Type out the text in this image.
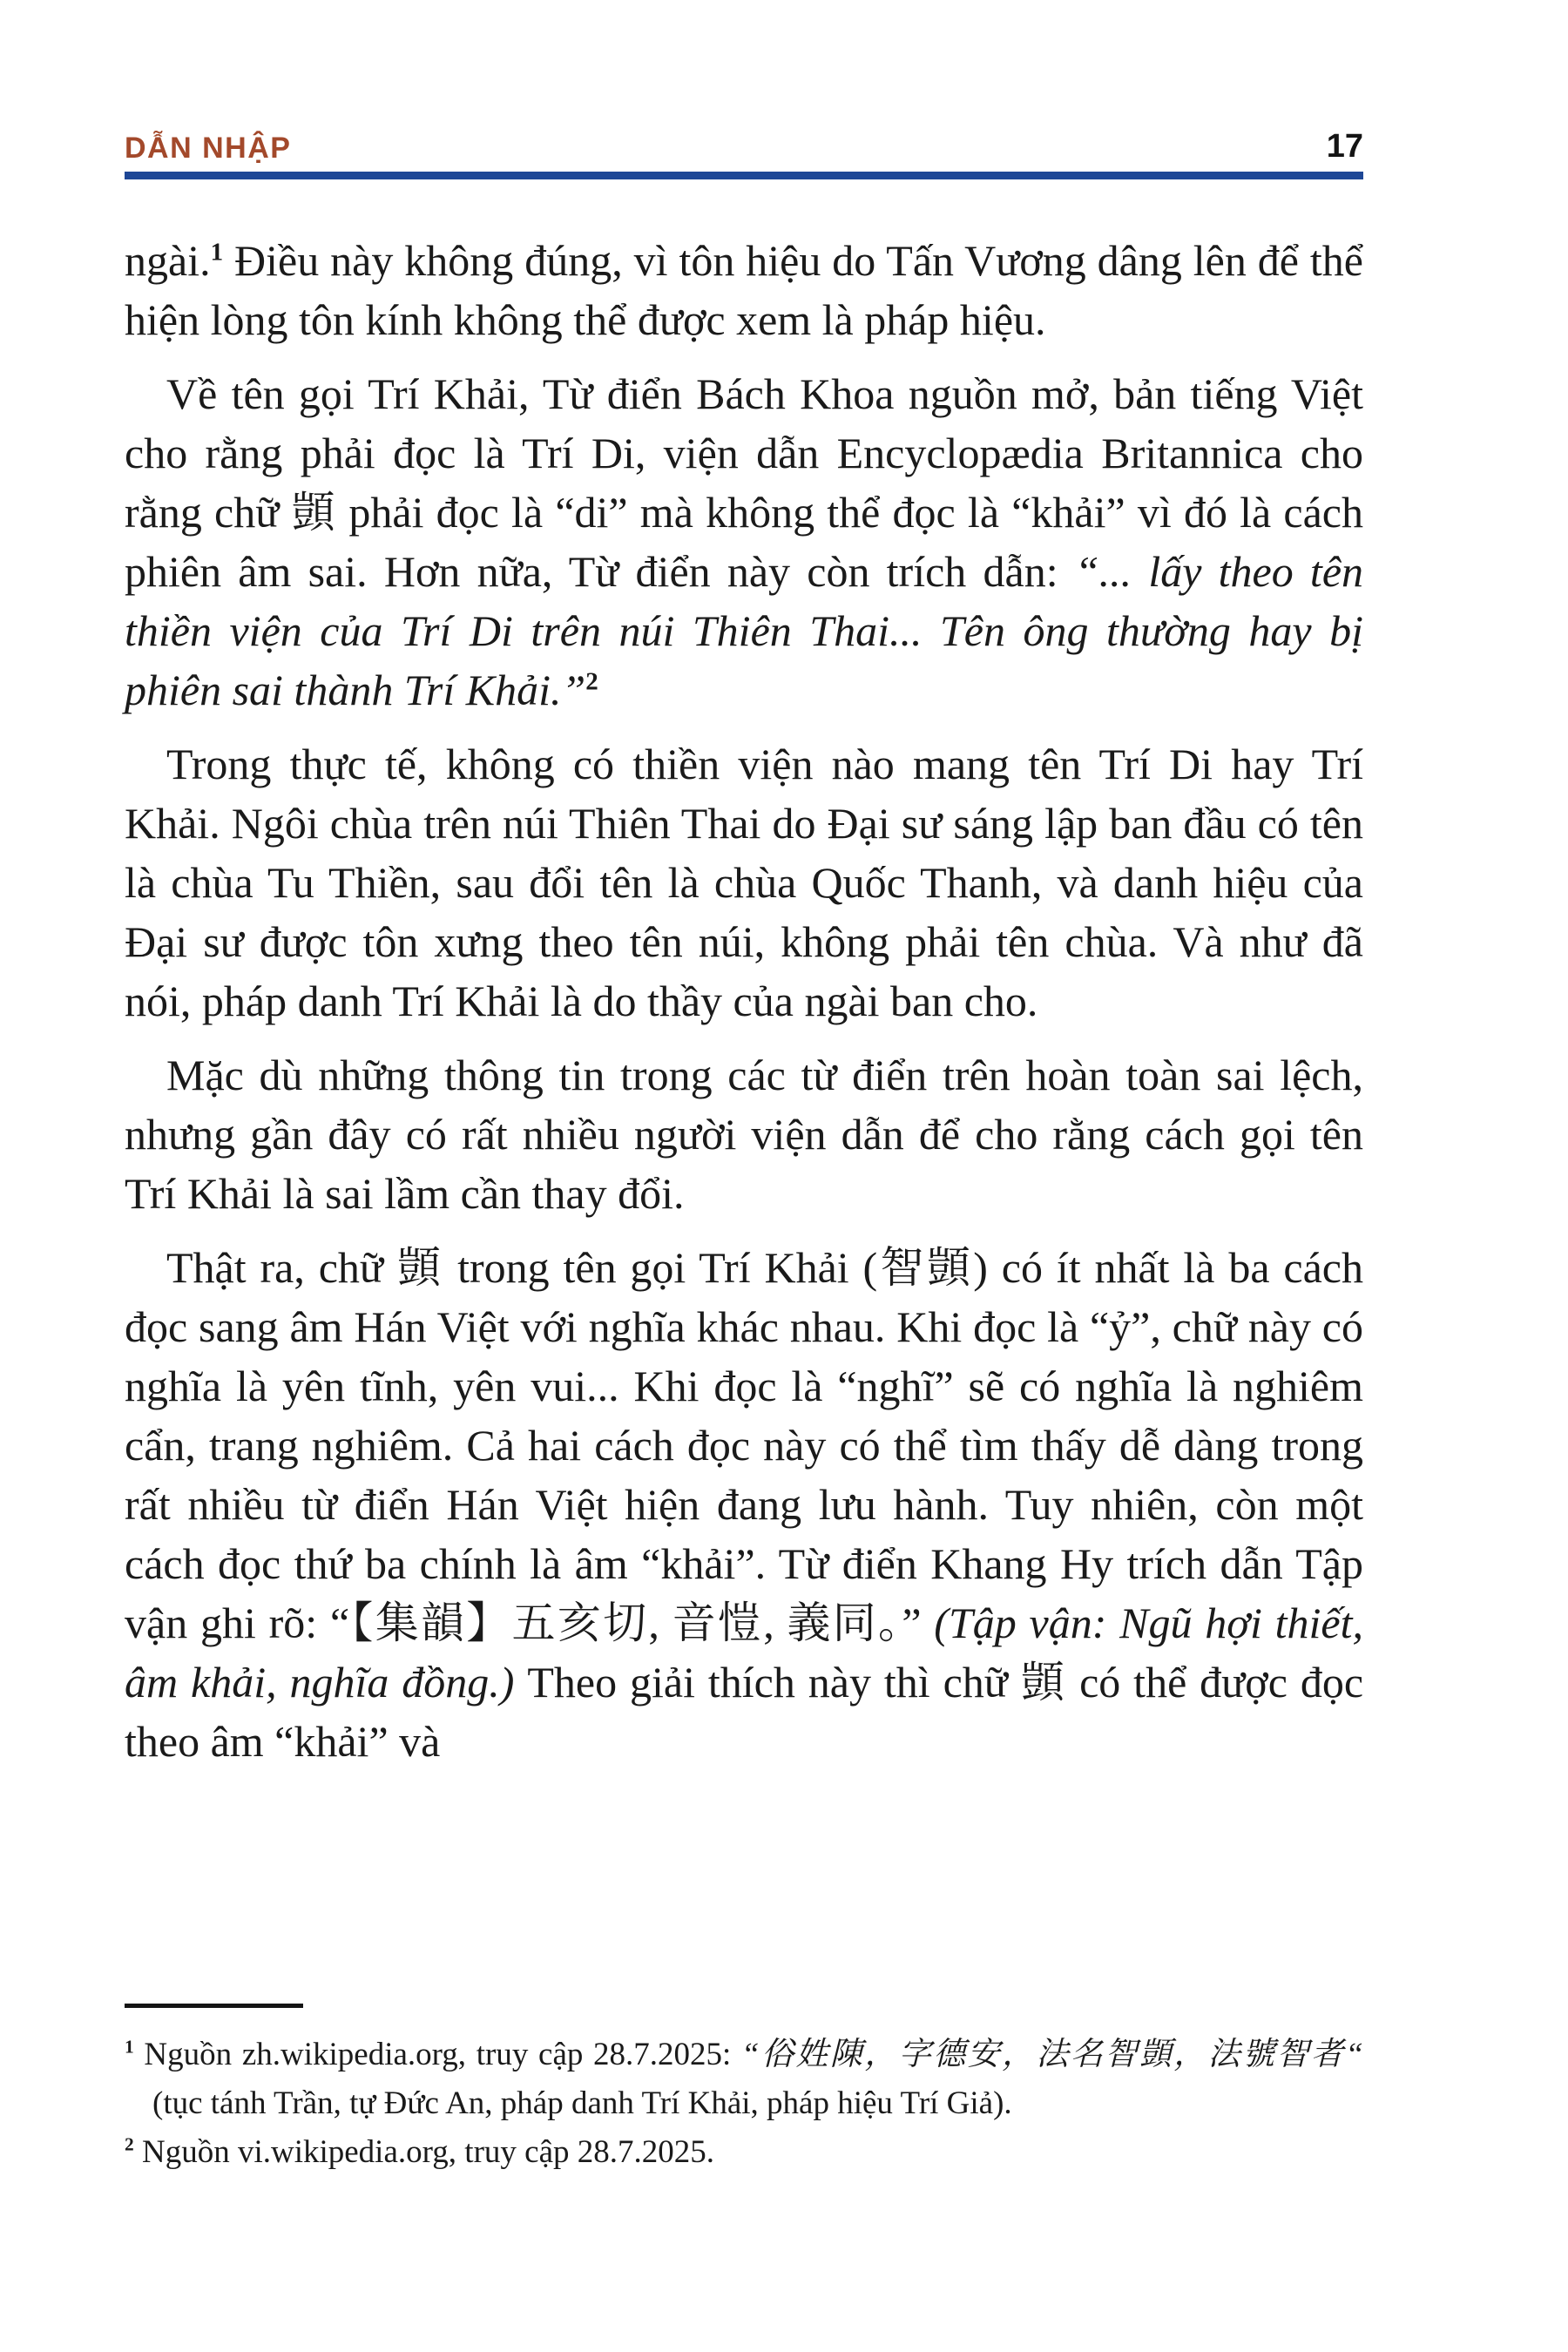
DẪN NHẬP	17

ngài.$^1$ Điều này không đúng, vì tôn hiệu do Tấn Vương dâng lên để thể hiện lòng tôn kính không thể được xem là pháp hiệu.

Về tên gọi Trí Khải, Từ điển Bách Khoa nguồn mở, bản tiếng Việt cho rằng phải đọc là Trí Di, viện dẫn Encyclopædia Britannica cho rằng chữ 顗 phải đọc là “di” mà không thể đọc là “khải” vì đó là cách phiên âm sai. Hơn nữa, Từ điển này còn trích dẫn: “... lấy theo tên thiền viện của Trí Di trên núi Thiên Thai... Tên ông thường hay bị phiên sai thành Trí Khải.”$^2$

Trong thực tế, không có thiền viện nào mang tên Trí Di hay Trí Khải. Ngôi chùa trên núi Thiên Thai do Đại sư sáng lập ban đầu có tên là chùa Tu Thiền, sau đổi tên là chùa Quốc Thanh, và danh hiệu của Đại sư được tôn xưng theo tên núi, không phải tên chùa. Và như đã nói, pháp danh Trí Khải là do thầy của ngài ban cho.

Mặc dù những thông tin trong các từ điển trên hoàn toàn sai lệch, nhưng gần đây có rất nhiều người viện dẫn để cho rằng cách gọi tên Trí Khải là sai lầm cần thay đổi.

Thật ra, chữ 顗 trong tên gọi Trí Khải (智顗) có ít nhất là ba cách đọc sang âm Hán Việt với nghĩa khác nhau. Khi đọc là “ỷ”, chữ này có nghĩa là yên tĩnh, yên vui... Khi đọc là “nghĩ” sẽ có nghĩa là nghiêm cẩn, trang nghiêm. Cả hai cách đọc này có thể tìm thấy dễ dàng trong rất nhiều từ điển Hán Việt hiện đang lưu hành. Tuy nhiên, còn một cách đọc thứ ba chính là âm “khải”. Từ điển Khang Hy trích dẫn Tập vận ghi rõ: “【集韻】五亥切, 音愷, 義同。” (Tập vận: Ngũ hợi thiết, âm khải, nghĩa đồng.) Theo giải thích này thì chữ 顗 có thể được đọc theo âm “khải” và

$^1$ Nguồn zh.wikipedia.org, truy cập 28.7.2025: “俗姓陳，字德安，法名智顗，法號智者“ (tục tánh Trần, tự Đức An, pháp danh Trí Khải, pháp hiệu Trí Giả).

$^2$ Nguồn vi.wikipedia.org, truy cập 28.7.2025.
